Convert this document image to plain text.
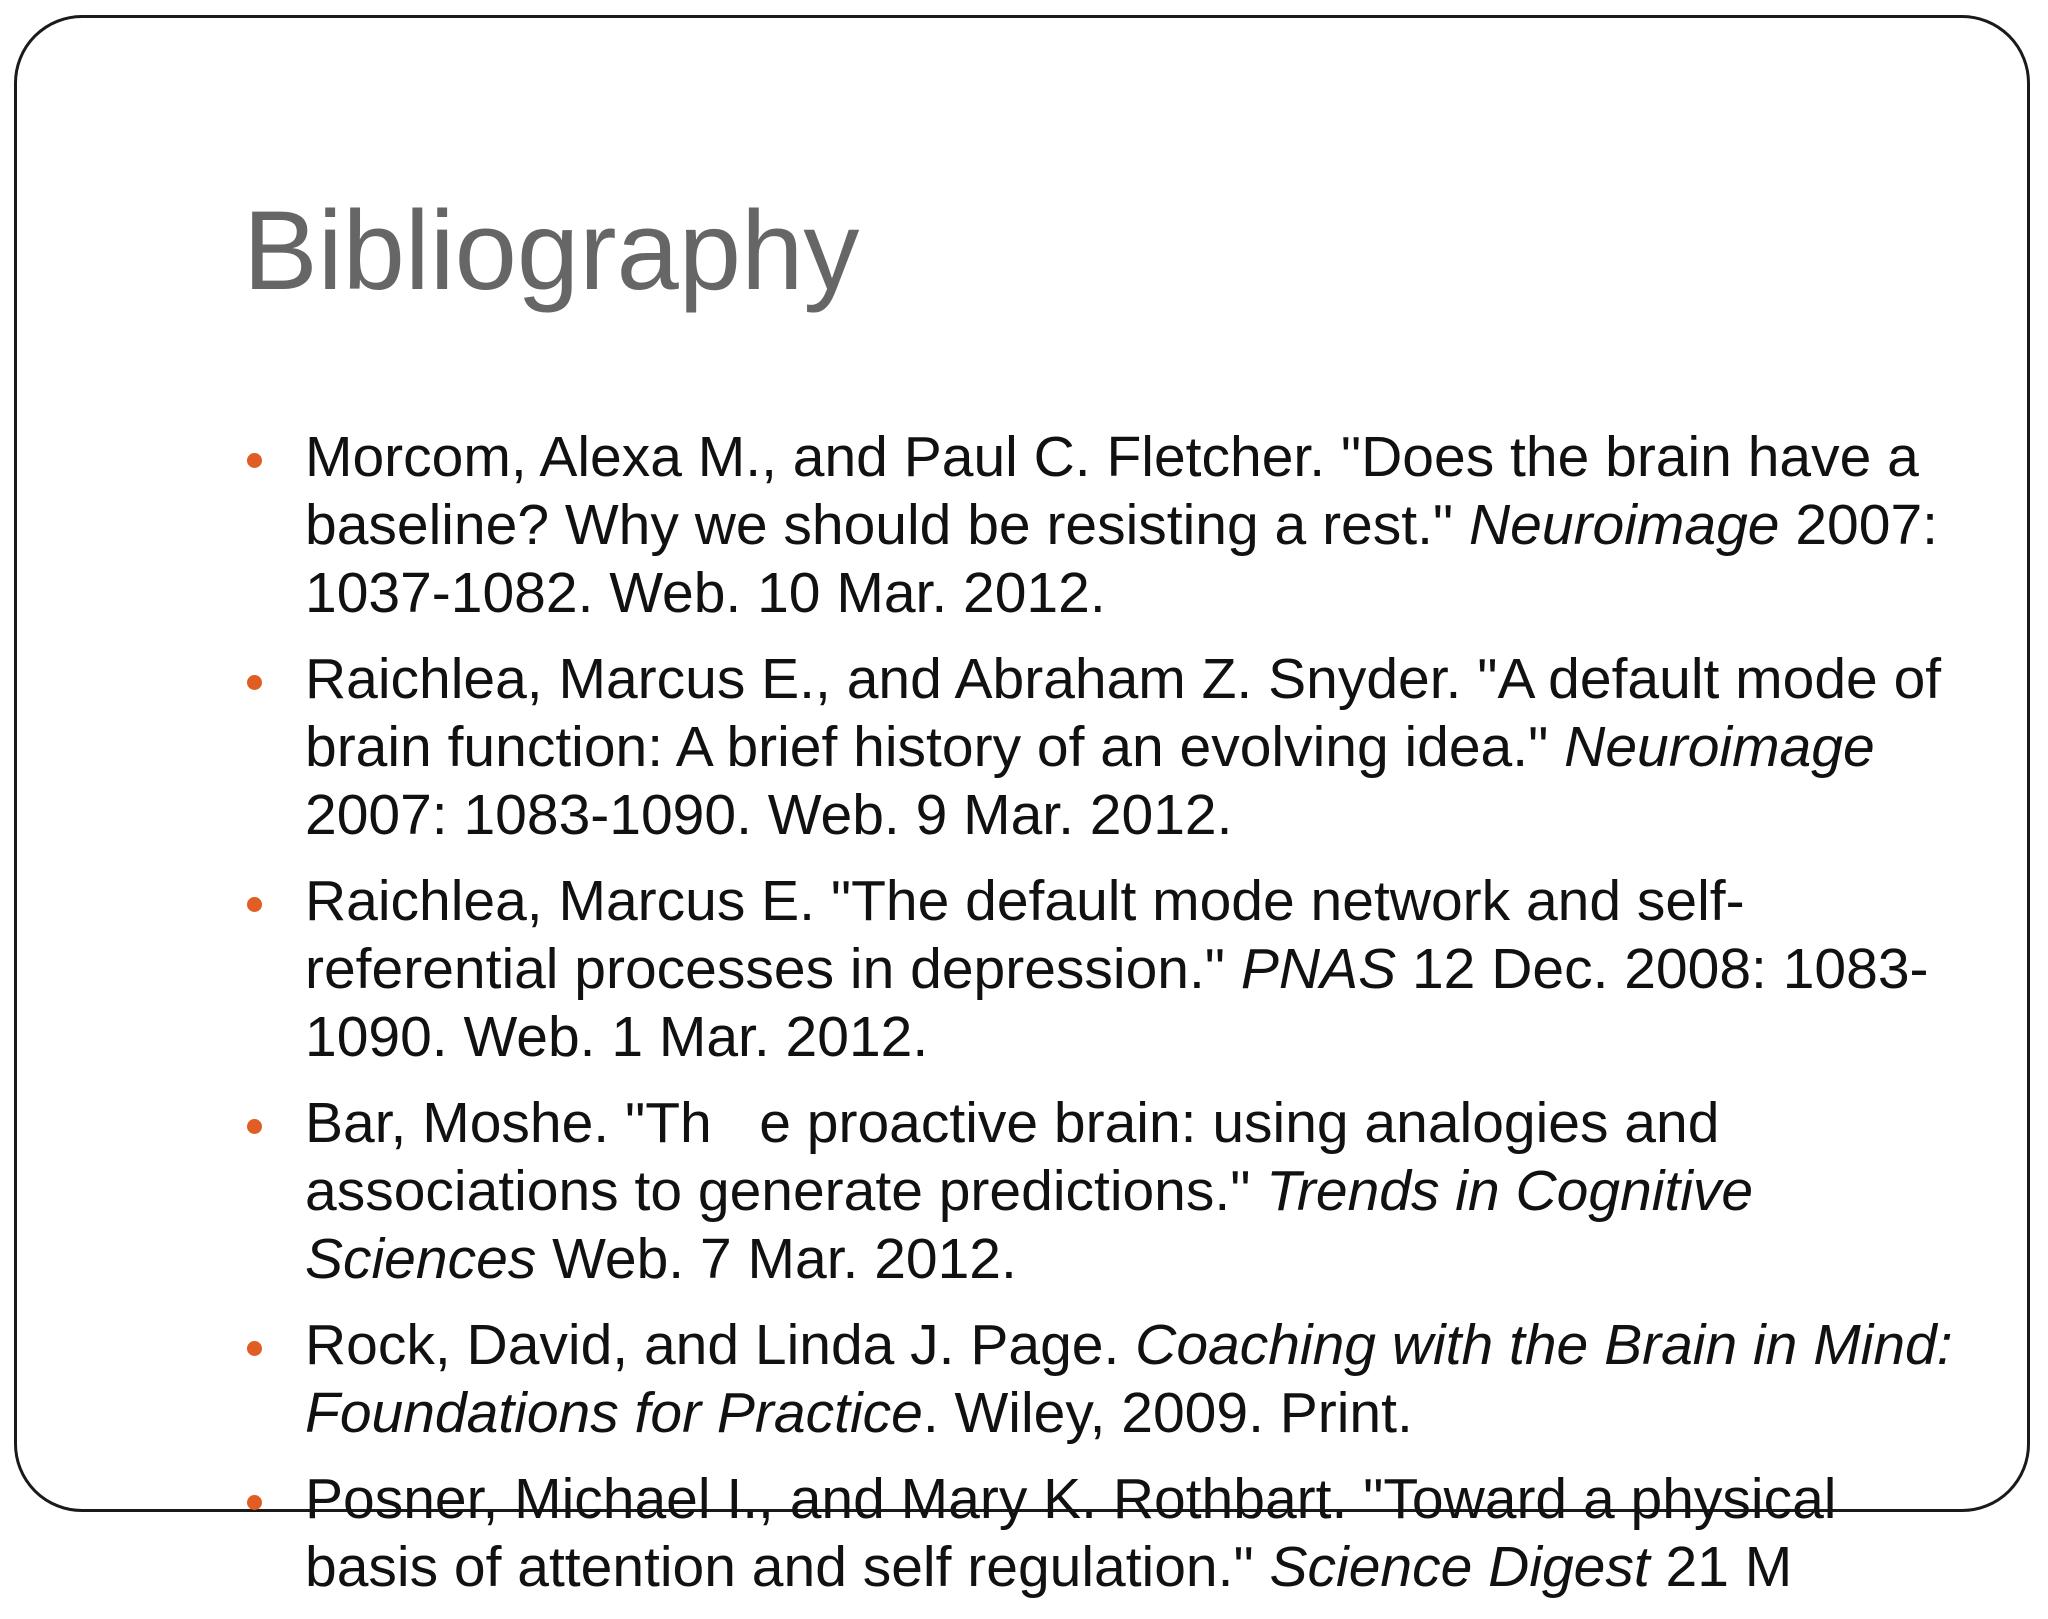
Bibliography
Morcom, Alexa M., and Paul C. Fletcher. "Does the brain have a baseline? Why we should be resisting a rest." Neuroimage 2007: 1037-1082. Web. 10 Mar. 2012.
Raichlea, Marcus E., and Abraham Z. Snyder. "A default mode of brain function: A brief history of an evolving idea." Neuroimage 2007: 1083-1090. Web. 9 Mar. 2012.
Raichlea, Marcus E. "The default mode network and self-referential processes in depression." PNAS 12 Dec. 2008: 1083-1090. Web. 1 Mar. 2012.
Bar, Moshe. "Th   e proactive brain: using analogies and associations to generate predictions." Trends in Cognitive Sciences Web. 7 Mar. 2012.
Rock, David, and Linda J. Page. Coaching with the Brain in Mind: Foundations for Practice. Wiley, 2009. Print.
Posner, Michael I., and Mary K. Rothbart. "Toward a physical basis of attention and self regulation." Science Digest 21 M
